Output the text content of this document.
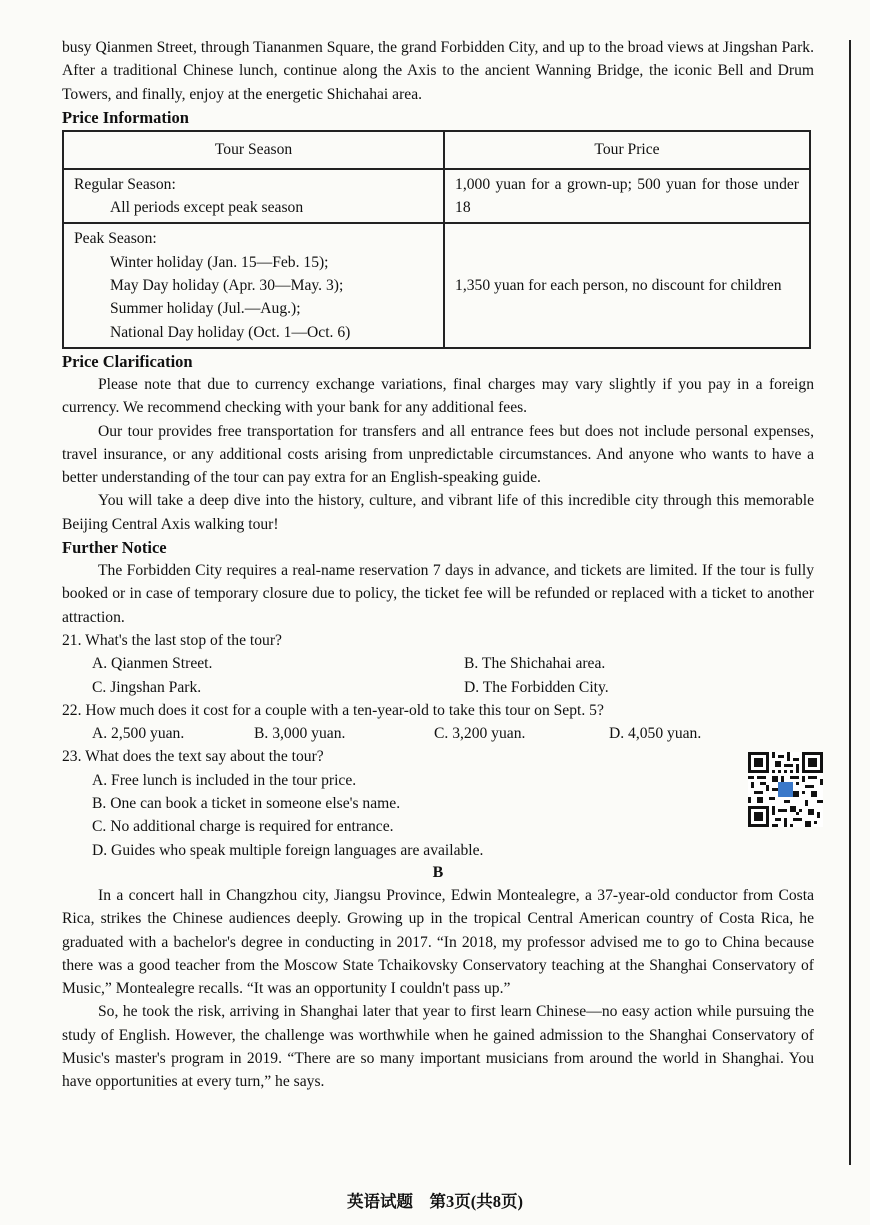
busy Qianmen Street, through Tiananmen Square, the grand Forbidden City, and up to the broad views at Jingshan Park. After a traditional Chinese lunch, continue along the Axis to the ancient Wanning Bridge, the iconic Bell and Drum Towers, and finally, enjoy at the energetic Shichahai area.

Price Information

Tour Season	Tour Price

Regular Season:
All periods except peak season	1,000 yuan for a grown-up; 500 yuan for those under 18

Peak Season:
Winter holiday (Jan. 15—Feb. 15);
May Day holiday (Apr. 30—May. 3);
Summer holiday (Jul.—Aug.);
National Day holiday (Oct. 1—Oct. 6)	1,350 yuan for each person, no discount for children

Price Clarification

Please note that due to currency exchange variations, final charges may vary slightly if you pay in a foreign currency. We recommend checking with your bank for any additional fees.

Our tour provides free transportation for transfers and all entrance fees but does not include personal expenses, travel insurance, or any additional costs arising from unpredictable circumstances. And anyone who wants to have a better understanding of the tour can pay extra for an English-speaking guide.

You will take a deep dive into the history, culture, and vibrant life of this incredible city through this memorable Beijing Central Axis walking tour!

Further Notice

The Forbidden City requires a real-name reservation 7 days in advance, and tickets are limited. If the tour is fully booked or in case of temporary closure due to policy, the ticket fee will be refunded or replaced with a ticket to another attraction.

21. What's the last stop of the tour?

A. Qianmen Street.	B. The Shichahai area.
C. Jingshan Park.	D. The Forbidden City.

22. How much does it cost for a couple with a ten-year-old to take this tour on Sept. 5?

A. 2,500 yuan.	B. 3,000 yuan.	C. 3,200 yuan.	D. 4,050 yuan.

23. What does the text say about the tour?

A. Free lunch is included in the tour price.
B. One can book a ticket in someone else's name.
C. No additional charge is required for entrance.
D. Guides who speak multiple foreign languages are available.

B

In a concert hall in Changzhou city, Jiangsu Province, Edwin Montealegre, a 37-year-old conductor from Costa Rica, strikes the Chinese audiences deeply. Growing up in the tropical Central American country of Costa Rica, he graduated with a bachelor's degree in conducting in 2017. “In 2018, my professor advised me to go to China because there was a good teacher from the Moscow State Tchaikovsky Conservatory teaching at the Shanghai Conservatory of Music,” Montealegre recalls. “It was an opportunity I couldn't pass up.”

So, he took the risk, arriving in Shanghai later that year to first learn Chinese—no easy action while pursuing the study of English. However, the challenge was worthwhile when he gained admission to the Shanghai Conservatory of Music's master's program in 2019. “There are so many important musicians from around the world in Shanghai. You have opportunities at every turn,” he says.

英语试题　第3页(共8页)
